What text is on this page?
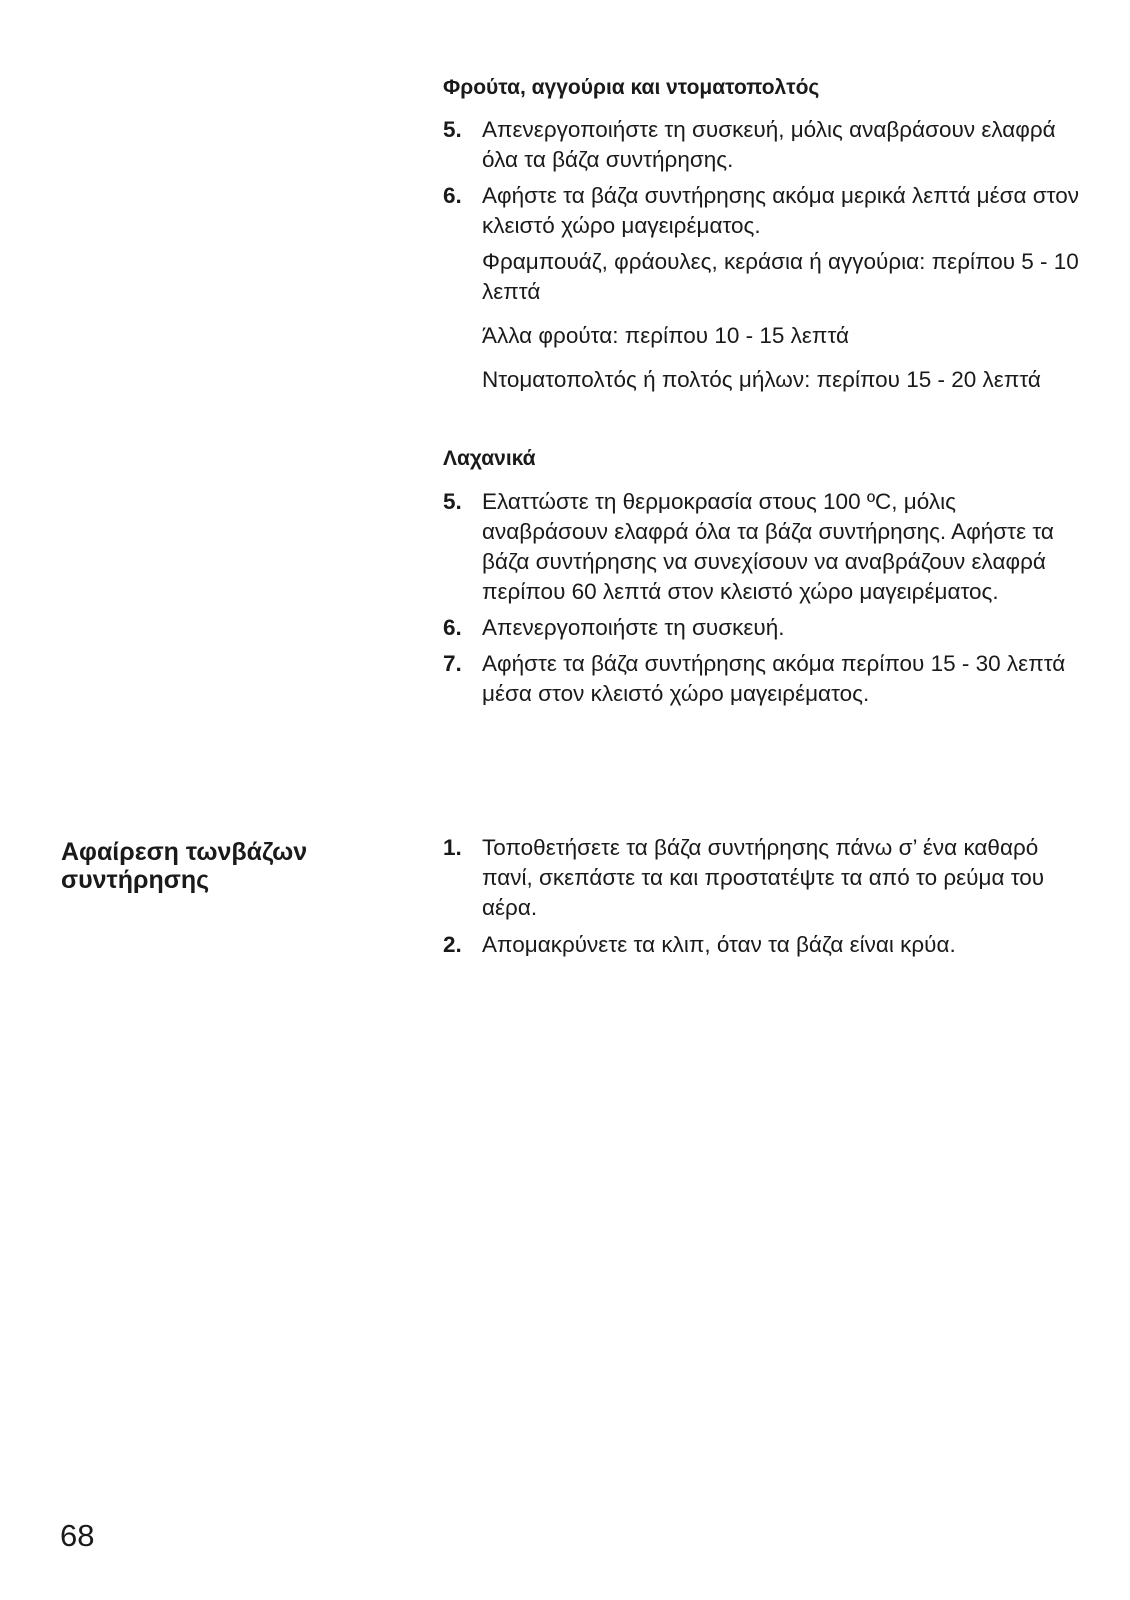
Φρούτα, αγγούρια και ντοματοπολτός
5. Απενεργοποιήστε τη συσκευή, μόλις αναβράσουν ελαφρά όλα τα βάζα συντήρησης.
6. Αφήστε τα βάζα συντήρησης ακόμα μερικά λεπτά μέσα στον κλειστό χώρο μαγειρέματος.

Φραμπουάζ, φράουλες, κεράσια ή αγγούρια: περίπου 5 - 10 λεπτά

Άλλα φρούτα: περίπου 10 - 15 λεπτά

Ντοματοπολτός ή πολτός μήλων: περίπου 15 - 20 λεπτά

Λαχανικά
5. Ελαττώστε τη θερμοκρασία στους 100 ºC, μόλις αναβράσουν ελαφρά όλα τα βάζα συντήρησης. Αφήστε τα βάζα συντήρησης να συνεχίσουν να αναβράζουν ελαφρά περίπου 60 λεπτά στον κλειστό χώρο μαγειρέματος.
6. Απενεργοποιήστε τη συσκευή.
7. Αφήστε τα βάζα συντήρησης ακόμα περίπου 15 - 30 λεπτά μέσα στον κλειστό χώρο μαγειρέματος.
Αφαίρεση τωνβάζων συντήρησης
1. Τοποθετήσετε τα βάζα συντήρησης πάνω σ’ ένα καθαρό πανί, σκεπάστε τα και προστατέψτε τα από το ρεύμα του αέρα.
2. Απομακρύνετε τα κλιπ, όταν τα βάζα είναι κρύα.
68
